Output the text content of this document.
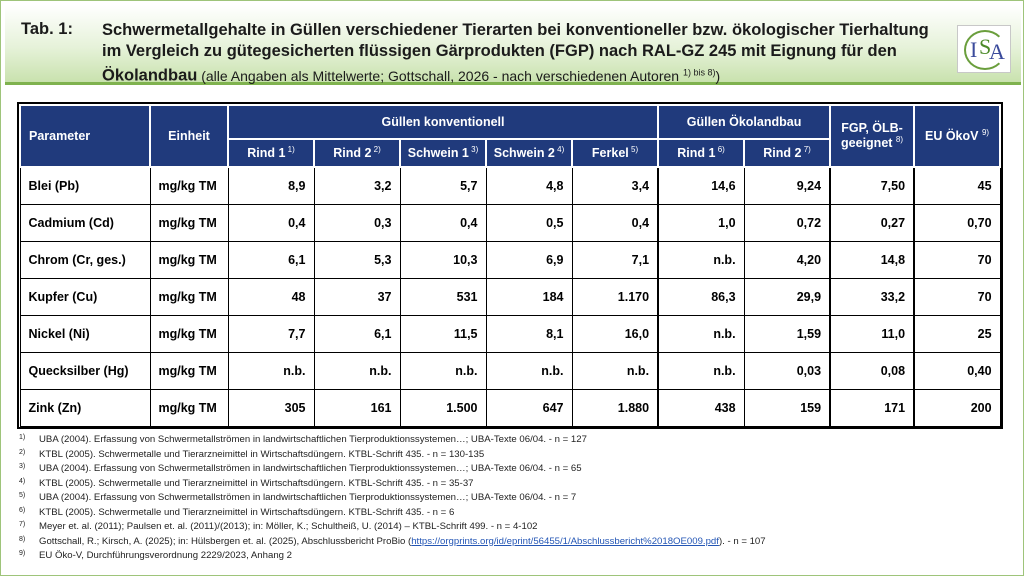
Tab. 1: Schwermetallgehalte in Güllen verschiedener Tierarten bei konventioneller bzw. ökologischer Tierhaltung im Vergleich zu gütegesicherten flüssigen Gärprodukten (FGP) nach RAL-GZ 245 mit Eignung für den Ökolandbau (alle Angaben als Mittelwerte; Gottschall, 2026 - nach verschiedenen Autoren $^{1) bis 8)}$)
I S
A
Parameter	Einheit	Güllen konventionell					Güllen Ökolandbau		FGP, ÖLB-geeignet $^{8)}$	EU ÖkoV $^{9)}$
		Rind 1 $^{1)}$	Rind 2 $^{2)}$	Schwein 1 $^{3)}$	Schwein 2 $^{4)}$	Ferkel $^{5)}$	Rind 1 $^{6)}$	Rind 2 $^{7)}$
Blei (Pb)	mg/kg TM	8,9	3,2	5,7	4,8	3,4	14,6	9,24	7,50	45
Cadmium (Cd)	mg/kg TM	0,4	0,3	0,4	0,5	0,4	1,0	0,72	0,27	0,70
Chrom (Cr, ges.)	mg/kg TM	6,1	5,3	10,3	6,9	7,1	n.b.	4,20	14,8	70
Kupfer (Cu)	mg/kg TM	48	37	531	184	1.170	86,3	29,9	33,2	70
Nickel (Ni)	mg/kg TM	7,7	6,1	11,5	8,1	16,0	n.b.	1,59	11,0	25
Quecksilber (Hg)	mg/kg TM	n.b.	n.b.	n.b.	n.b.	n.b.	n.b.	0,03	0,08	0,40
Zink (Zn)	mg/kg TM	305	161	1.500	647	1.880	438	159	171	200
1)	UBA (2004). Erfassung von Schwermetallströmen in landwirtschaftlichen Tierproduktionssystemen…; UBA-Texte 06/04. - n = 127
2)	KTBL (2005). Schwermetalle und Tierarzneimittel in Wirtschaftsdüngern. KTBL-Schrift 435. - n = 130-135
3)	UBA (2004). Erfassung von Schwermetallströmen in landwirtschaftlichen Tierproduktionssystemen…; UBA-Texte 06/04. - n = 65
4)	KTBL (2005). Schwermetalle und Tierarzneimittel in Wirtschaftsdüngern. KTBL-Schrift 435. - n = 35-37
5)	UBA (2004). Erfassung von Schwermetallströmen in landwirtschaftlichen Tierproduktionssystemen…; UBA-Texte 06/04. - n = 7
6)	KTBL (2005). Schwermetalle und Tierarzneimittel in Wirtschaftsdüngern. KTBL-Schrift 435. - n = 6
7)	Meyer et. al. (2011); Paulsen et. al. (2011)/(2013); in: Möller, K.; Schultheiß, U. (2014) – KTBL-Schrift 499. - n = 4-102
8)	Gottschall, R.; Kirsch, A. (2025); in: Hülsbergen et. al. (2025), Abschlussbericht ProBio (https://orgprints.org/id/eprint/56455/1/Abschlussbericht%2018OE009.pdf). - n = 107
9)	EU Öko-V, Durchführungsverordnung 2229/2023, Anhang 2
